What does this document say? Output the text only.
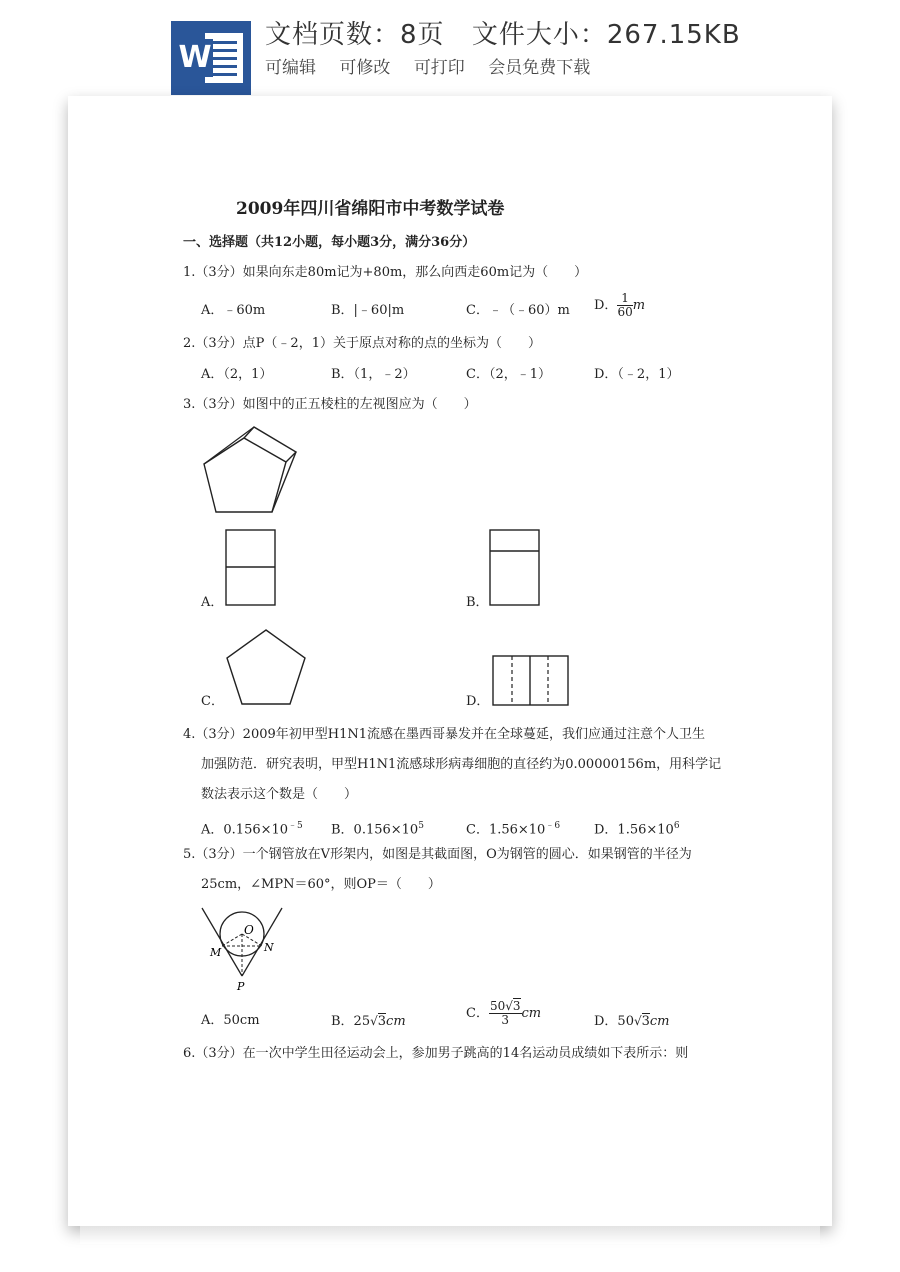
W
文档页数：8页 文件大小：267.15KB
可编辑 可修改 可打印 会员免费下载
2009年四川省绵阳市中考数学试卷
一、选择题（共12小题，每小题3分，满分36分）
1.（3分）如果向东走80m记为+80m，那么向西走60m记为（　　）
A．﹣60m	B．|﹣60|m	C．﹣（﹣60）m D． $\frac{1}{60}$ m
2.（3分）点P（﹣2，1）关于原点对称的点的坐标为（　　）
A．（2，1）	B．（1，﹣2）	C．（2，﹣1）	D．（﹣2，1）
3.（3分）如图中的正五棱柱的左视图应为（　　）
A．	B．
C．	D．
4.（3分）2009年初甲型H1N1流感在墨西哥暴发并在全球蔓延，我们应通过注意个人卫生
加强防范．研究表明，甲型H1N1流感球形病毒细胞的直径约为0.00000156m，用科学记
数法表示这个数是（　　）
A．$0.156\times 10^{﹣5}$ B．$0.156\times 10^5$	C．$1.56\times 10^{﹣6}$	D．$1.56\times 10^6$
5.（3分）一个钢管放在V形架内，如图是其截面图，O为钢管的圆心．如果钢管的半径为
25cm，∠MPN＝60°，则OP＝（　　）
O
M	N
P
A．50cm	B．25√3cm
C． $\frac{50√3}{3}$ cm
D．50√3cm
6.（3分）在一次中学生田径运动会上，参加男子跳高的14名运动员成绩如下表所示：则
